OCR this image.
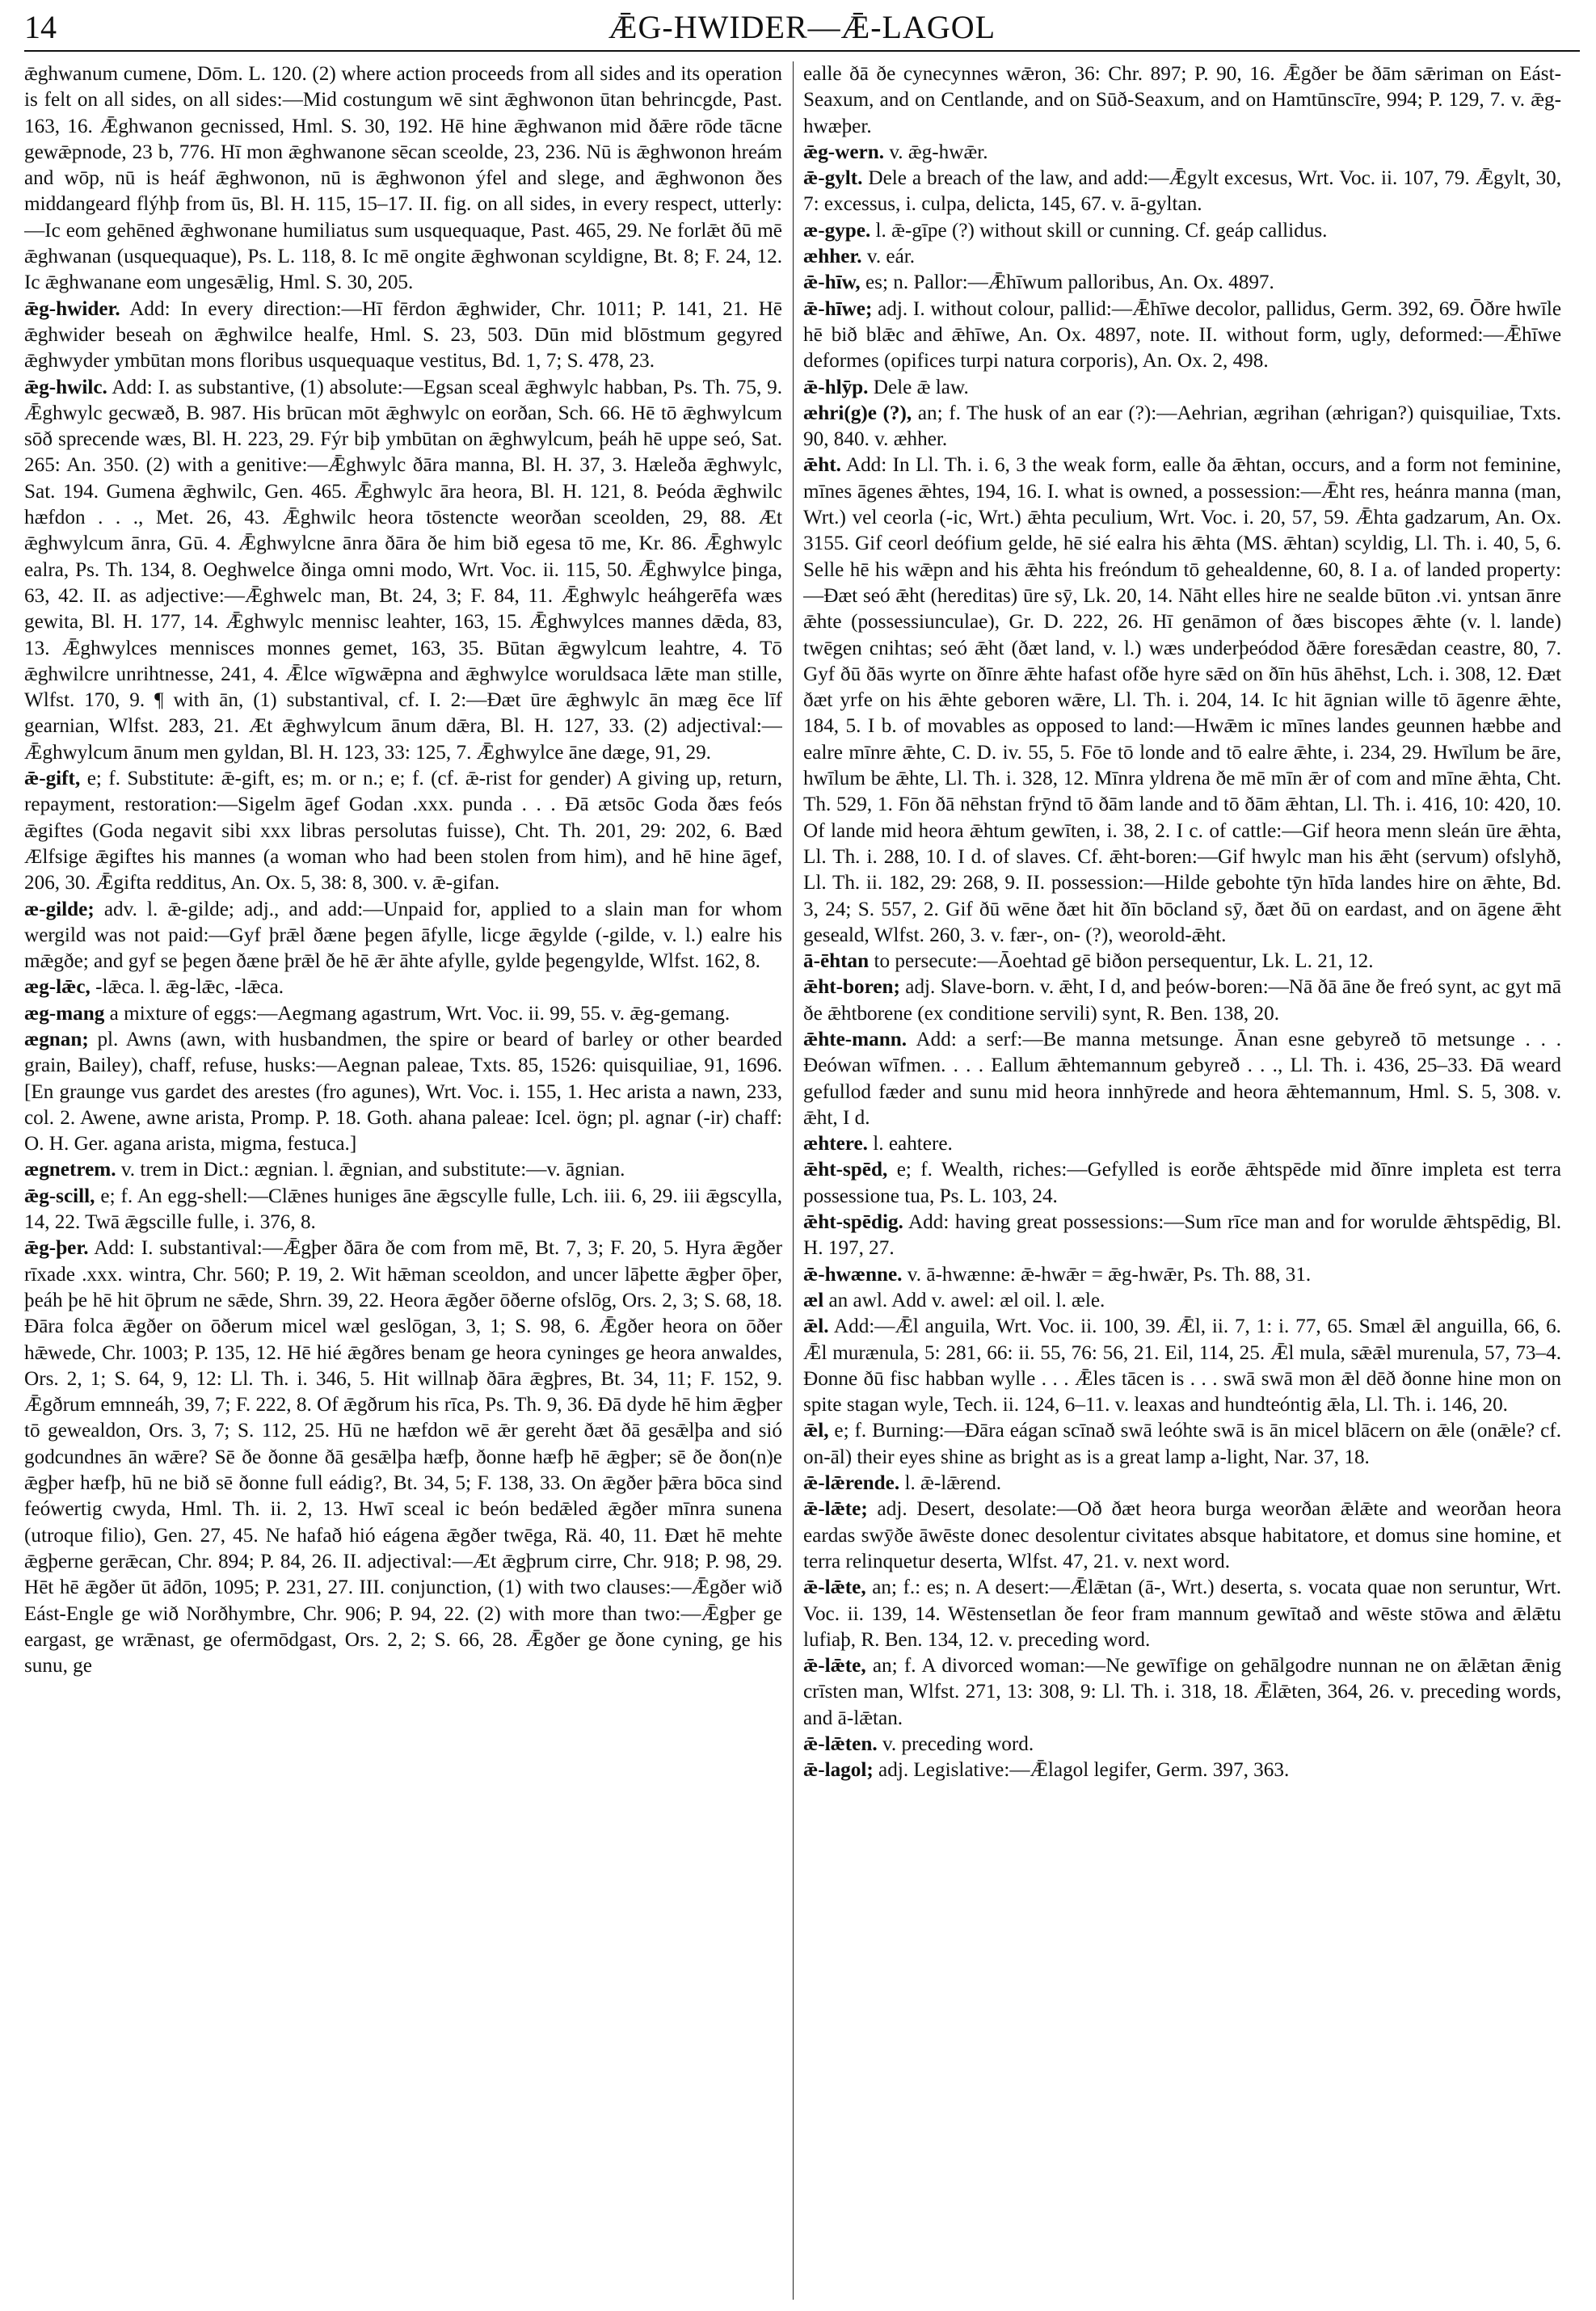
14	ǢG-HWIDER—Ǣ-LAGOL

ǣghwanum cumene, Dōm. L. 120. (2) where action proceeds from all sides and its operation is felt on all sides, on all sides:—Mid costungum wē sint ǣghwonon ūtan behrincgde, Past. 163, 16. Ǣghwanon gecnissed, Hml. S. 30, 192. Hē hine ǣghwanon mid ðǣre rōde tācne gewǣpnode, 23 b, 776. Hī mon ǣghwanone sēcan sceolde, 23, 236. Nū is ǣghwonon hreám and wōp, nū is heáf ǣghwonon, nū is ǣghwonon ýfel and slege, and ǣghwonon ðes middangeard flýhþ from ūs, Bl. H. 115, 15–17. II. fig. on all sides, in every respect, utterly:—Ic eom gehēned ǣghwonane humiliatus sum usquequaque, Past. 465, 29. Ne forlǣt ðū mē ǣghwanan (usquequaque), Ps. L. 118, 8. Ic mē ongite ǣghwonan scyldigne, Bt. 8; F. 24, 12. Ic ǣghwanane eom ungesǣlig, Hml. S. 30, 205.

ǣg-hwider. Add: In every direction:—Hī fērdon ǣghwider, Chr. 1011; P. 141, 21. Hē ǣghwider beseah on ǣghwilce healfe, Hml. S. 23, 503. Dūn mid blōstmum gegyred ǣghwyder ymbūtan mons floribus usquequaque vestitus, Bd. 1, 7; S. 478, 23.

ǣg-hwilc. Add: I. as substantive, (1) absolute:—Egsan sceal ǣghwylc habban, Ps. Th. 75, 9. Ǣghwylc gecwæð, B. 987. His brūcan mōt ǣghwylc on eorðan, Sch. 66. Hē tō ǣghwylcum sōð sprecende wæs, Bl. H. 223, 29. Fýr biþ ymbūtan on ǣghwylcum, þeáh hē uppe seó, Sat. 265: An. 350. (2) with a genitive:—Ǣghwylc ðāra manna, Bl. H. 37, 3. Hæleða ǣghwylc, Sat. 194. Gumena ǣghwilc, Gen. 465. Ǣghwylc āra heora, Bl. H. 121, 8. Þeóda ǣghwilc hæfdon . . ., Met. 26, 43. Ǣghwilc heora tōstencte weorðan sceolden, 29, 88. Æt ǣghwylcum ānra, Gū. 4. Ǣghwylcne ānra ðāra ðe him bið egesa tō me, Kr. 86. Ǣghwylc ealra, Ps. Th. 134, 8. Oeghwelce ðinga omni modo, Wrt. Voc. ii. 115, 50. Ǣghwylce þinga, 63, 42. II. as adjective:—Ǣghwelc man, Bt. 24, 3; F. 84, 11. Ǣghwylc heáhgerēfa wæs gewita, Bl. H. 177, 14. Ǣghwylc mennisc leahter, 163, 15. Ǣghwylces mannes dǣda, 83, 13. Ǣghwylces mennisces monnes gemet, 163, 35. Būtan ǣgwylcum leahtre, 4. Tō ǣghwilcre unrihtnesse, 241, 4. Ǣlce wīgwǣpna and ǣghwylce woruldsaca lǣte man stille, Wlfst. 170, 9. ¶ with ān, (1) substantival, cf. I. 2:—Ðæt ūre ǣghwylc ān mæg ēce līf gearnian, Wlfst. 283, 21. Æt ǣghwylcum ānum dǣra, Bl. H. 127, 33. (2) adjectival:—Ǣghwylcum ānum men gyldan, Bl. H. 123, 33: 125, 7. Ǣghwylce āne dæge, 91, 29.

ǣ-gift, e; f. Substitute: ǣ-gift, es; m. or n.; e; f. (cf. ǣ-rist for gender) A giving up, return, repayment, restoration:—Sigelm āgef Godan .xxx. punda . . . Ðā ætsōc Goda ðæs feós ǣgiftes (Goda negavit sibi xxx libras persolutas fuisse), Cht. Th. 201, 29: 202, 6. Bæd Ælfsige ǣgiftes his mannes (a woman who had been stolen from him), and hē hine āgef, 206, 30. Ǣgifta redditus, An. Ox. 5, 38: 8, 300. v. ǣ-gifan.

æ-gilde; adv. l. ǣ-gilde; adj., and add:—Unpaid for, applied to a slain man for whom wergild was not paid:—Gyf þrǣl ðæne þegen āfylle, licge ǣgylde (-gilde, v. l.) ealre his mǣgðe; and gyf se þegen ðæne þrǣl ðe hē ǣr āhte afylle, gylde þegengylde, Wlfst. 162, 8.

æg-lǣc, -lǣca. l. ǣg-lǣc, -lǣca.

æg-mang a mixture of eggs:—Aegmang agastrum, Wrt. Voc. ii. 99, 55. v. ǣg-gemang.

ægnan; pl. Awns (awn, with husbandmen, the spire or beard of barley or other bearded grain, Bailey), chaff, refuse, husks:—Aegnan paleae, Txts. 85, 1526: quisquiliae, 91, 1696. [En graunge vus gardet des arestes (fro agunes), Wrt. Voc. i. 155, 1. Hec arista a nawn, 233, col. 2. Awene, awne arista, Promp. P. 18. Goth. ahana paleae: Icel. ögn; pl. agnar (-ir) chaff: O. H. Ger. agana arista, migma, festuca.]

ægnetrem. v. trem in Dict.: ægnian. l. ǣgnian, and substitute:—v. āgnian.

ǣg-scill, e; f. An egg-shell:—Clǣnes huniges āne ǣgscylle fulle, Lch. iii. 6, 29. iii ǣgscylla, 14, 22. Twā ǣgscille fulle, i. 376, 8.

ǣg-þer. Add: I. substantival:—Ǣgþer ðāra ðe com from mē, Bt. 7, 3; F. 20, 5. Hyra ǣgðer rīxade .xxx. wintra, Chr. 560; P. 19, 2. Wit hǣman sceoldon, and uncer lāþette ǣgþer ōþer, þeáh þe hē hit ōþrum ne sǣde, Shrn. 39, 22. Heora ǣgðer ōðerne ofslōg, Ors. 2, 3; S. 68, 18. Ðāra folca ǣgðer on ōðerum micel wæl geslōgan, 3, 1; S. 98, 6. Ǣgðer heora on ōðer hǣwede, Chr. 1003; P. 135, 12. Hē hié ǣgðres benam ge heora cyninges ge heora anwaldes, Ors. 2, 1; S. 64, 9, 12: Ll. Th. i. 346, 5. Hit willnaþ ðāra ǣgþres, Bt. 34, 11; F. 152, 9. Ǣgðrum emnneáh, 39, 7; F. 222, 8. Of ǣgðrum his rīca, Ps. Th. 9, 36. Ðā dyde hē him ǣgþer tō gewealdon, Ors. 3, 7; S. 112, 25. Hū ne hæfdon wē ǣr gereht ðæt ðā gesǣlþa and sió godcundnes ān wǣre? Sē ðe ðonne ðā gesǣlþa hæfþ, ðonne hæfþ hē ǣgþer; sē ðe ðon(n)e ǣgþer hæfþ, hū ne bið sē ðonne full eádig?, Bt. 34, 5; F. 138, 33. On ǣgðer þǣra bōca sind feówertig cwyda, Hml. Th. ii. 2, 13. Hwī sceal ic beón bedǣled ǣgðer mīnra sunena (utroque filio), Gen. 27, 45. Ne hafað hió eágena ǣgðer twēga, Rä. 40, 11. Ðæt hē mehte ǣgþerne gerǣcan, Chr. 894; P. 84, 26. II. adjectival:—Æt ǣgþrum cirre, Chr. 918; P. 98, 29. Hēt hē ǣgðer ūt āḋōn, 1095; P. 231, 27. III. conjunction, (1) with two clauses:—Ǣgðer wið Eást-Engle ge wið Norðhymbre, Chr. 906; P. 94, 22. (2) with more than two:—Ǣgþer ge eargast, ge wrǣnast, ge ofermōdgast, Ors. 2, 2; S. 66, 28. Ǣgðer ge ðone cyning, ge his sunu, ge

ealle ðā ðe cynecynnes wǣron, 36: Chr. 897; P. 90, 16. Ǣgðer be ðām sǣriman on Eást-Seaxum, and on Centlande, and on Sūð-Seaxum, and on Hamtūnscīre, 994; P. 129, 7. v. ǣg-hwæþer.

ǣg-wern. v. ǣg-hwǣr.

ǣ-gylt. Dele a breach of the law, and add:—Ǣgylt excesus, Wrt. Voc. ii. 107, 79. Ǣgylt, 30, 7: excessus, i. culpa, delicta, 145, 67. v. ā-gyltan.

æ-gype. l. ǣ-gīpe (?) without skill or cunning. Cf. geáp callidus.

æhher. v. eár.

ǣ-hīw, es; n. Pallor:—Ǣhīwum palloribus, An. Ox. 4897.

ǣ-hīwe; adj. I. without colour, pallid:—Ǣhīwe decolor, pallidus, Germ. 392, 69. Ōðre hwīle hē bið blǣc and ǣhīwe, An. Ox. 4897, note. II. without form, ugly, deformed:—Ǣhīwe deformes (opifices turpi natura corporis), An. Ox. 2, 498.

ǣ-hlȳp. Dele ǣ law.

æhri(g)e (?), an; f. The husk of an ear (?):—Aehrian, ægrihan (æhrigan?) quisquiliae, Txts. 90, 840. v. æhher.

ǣht. Add: In Ll. Th. i. 6, 3 the weak form, ealle ða ǣhtan, occurs, and a form not feminine, mīnes āgenes ǣhtes, 194, 16. I. what is owned, a possession:—Ǣht res, heánra manna (man, Wrt.) vel ceorla (-ic, Wrt.) ǣhta peculium, Wrt. Voc. i. 20, 57, 59. Ǣhta gadzarum, An. Ox. 3155. Gif ceorl deófium gelde, hē sié ealra his ǣhta (MS. ǣhtan) scyldig, Ll. Th. i. 40, 5, 6. Selle hē his wǣpn and his ǣhta his freóndum tō gehealdenne, 60, 8. I a. of landed property:—Ðæt seó ǣht (hereditas) ūre sȳ, Lk. 20, 14. Nāht elles hire ne sealde būton .vi. yntsan ānre ǣhte (possessiunculae), Gr. D. 222, 26. Hī genāmon of ðæs biscopes ǣhte (v. l. lande) twēgen cnihtas; seó ǣht (ðæt land, v. l.) wæs underþeódod ðǣre foresǣdan ceastre, 80, 7. Gyf ðū ðās wyrte on ðīnre ǣhte hafast ofðe hyre sǣd on ðīn hūs āhēhst, Lch. i. 308, 12. Ðæt ðæt yrfe on his ǣhte geboren wǣre, Ll. Th. i. 204, 14. Ic hit āgnian wille tō āgenre ǣhte, 184, 5. I b. of movables as opposed to land:—Hwǣm ic mīnes landes geunnen hæbbe and ealre mīnre ǣhte, C. D. iv. 55, 5. Fōe tō londe and tō ealre ǣhte, i. 234, 29. Hwīlum be āre, hwīlum be ǣhte, Ll. Th. i. 328, 12. Mīnra yldrena ðe mē mīn ǣr of com and mīne ǣhta, Cht. Th. 529, 1. Fōn ðā nēhstan frȳnd tō ðām lande and tō ðām ǣhtan, Ll. Th. i. 416, 10: 420, 10. Of lande mid heora ǣhtum gewīten, i. 38, 2. I c. of cattle:—Gif heora menn sleán ūre ǣhta, Ll. Th. i. 288, 10. I d. of slaves. Cf. ǣht-boren:—Gif hwylc man his ǣht (servum) ofslyhð, Ll. Th. ii. 182, 29: 268, 9. II. possession:—Hilde gebohte tȳn hīda landes hire on ǣhte, Bd. 3, 24; S. 557, 2. Gif ðū wēne ðæt hit ðīn bōcland sȳ, ðæt ðū on eardast, and on āgene ǣht geseald, Wlfst. 260, 3. v. fær-, on- (?), weorold-ǣht.

ā-ēhtan to persecute:—Āoehtad gē biðon persequentur, Lk. L. 21, 12.

ǣht-boren; adj. Slave-born. v. ǣht, I d, and þeów-boren:—Nā ðā āne ðe freó synt, ac gyt mā ðe ǣhtborene (ex conditione servili) synt, R. Ben. 138, 20.

ǣhte-mann. Add: a serf:—Be manna metsunge. Ānan esne gebyreð tō metsunge . . . Ðeówan wīfmen. . . . Eallum ǣhtemannum gebyreð . . ., Ll. Th. i. 436, 25–33. Ðā weard gefullod fæder and sunu mid heora innhȳrede and heora ǣhtemannum, Hml. S. 5, 308. v. ǣht, I d.

æhtere. l. eahtere.

ǣht-spēd, e; f. Wealth, riches:—Gefylled is eorðe ǣhtspēde mid ðīnre impleta est terra possessione tua, Ps. L. 103, 24.

ǣht-spēdig. Add: having great possessions:—Sum rīce man and for worulde ǣhtspēdig, Bl. H. 197, 27.

ǣ-hwænne. v. ā-hwænne: ǣ-hwǣr = ǣg-hwǣr, Ps. Th. 88, 31.

æl an awl. Add v. awel: æl oil. l. æle.

ǣl. Add:—Ǣl anguila, Wrt. Voc. ii. 100, 39. Ǣl, ii. 7, 1: i. 77, 65. Smæl ǣl anguilla, 66, 6. Ǣl murænula, 5: 281, 66: ii. 55, 76: 56, 21. Eil, 114, 25. Ǣl mula, sǣǣl murenula, 57, 73–4. Ðonne ðū fisc habban wylle . . . Ǣles tācen is . . . swā swā mon ǣl dēð ðonne hine mon on spite stagan wyle, Tech. ii. 124, 6–11. v. leaxas and hundteóntig ǣla, Ll. Th. i. 146, 20.

ǣl, e; f. Burning:—Ðāra eágan scīnað swā leóhte swā is ān micel blācern on ǣle (onǣle? cf. on-āl) their eyes shine as bright as is a great lamp a-light, Nar. 37, 18.

ǣ-lǣrende. l. ǣ-lǣrend.

ǣ-lǣte; adj. Desert, desolate:—Oð ðæt heora burga weorðan ǣlǣte and weorðan heora eardas swȳðe āwēste donec desolentur civitates absque habitatore, et domus sine homine, et terra relinquetur deserta, Wlfst. 47, 21. v. next word.

ǣ-lǣte, an; f.: es; n. A desert:—Ǣlǣtan (ā-, Wrt.) deserta, s. vocata quae non seruntur, Wrt. Voc. ii. 139, 14. Wēstensetlan ðe feor fram mannum gewītað and wēste stōwa and ǣlǣtu lufiaþ, R. Ben. 134, 12. v. preceding word.

ǣ-lǣte, an; f. A divorced woman:—Ne gewīfige on gehālgodre nunnan ne on ǣlǣtan ǣnig crīsten man, Wlfst. 271, 13: 308, 9: Ll. Th. i. 318, 18. Ǣlǣten, 364, 26. v. preceding words, and ā-lǣtan.

ǣ-lǣten. v. preceding word.

ǣ-lagol; adj. Legislative:—Ǣlagol legifer, Germ. 397, 363.
